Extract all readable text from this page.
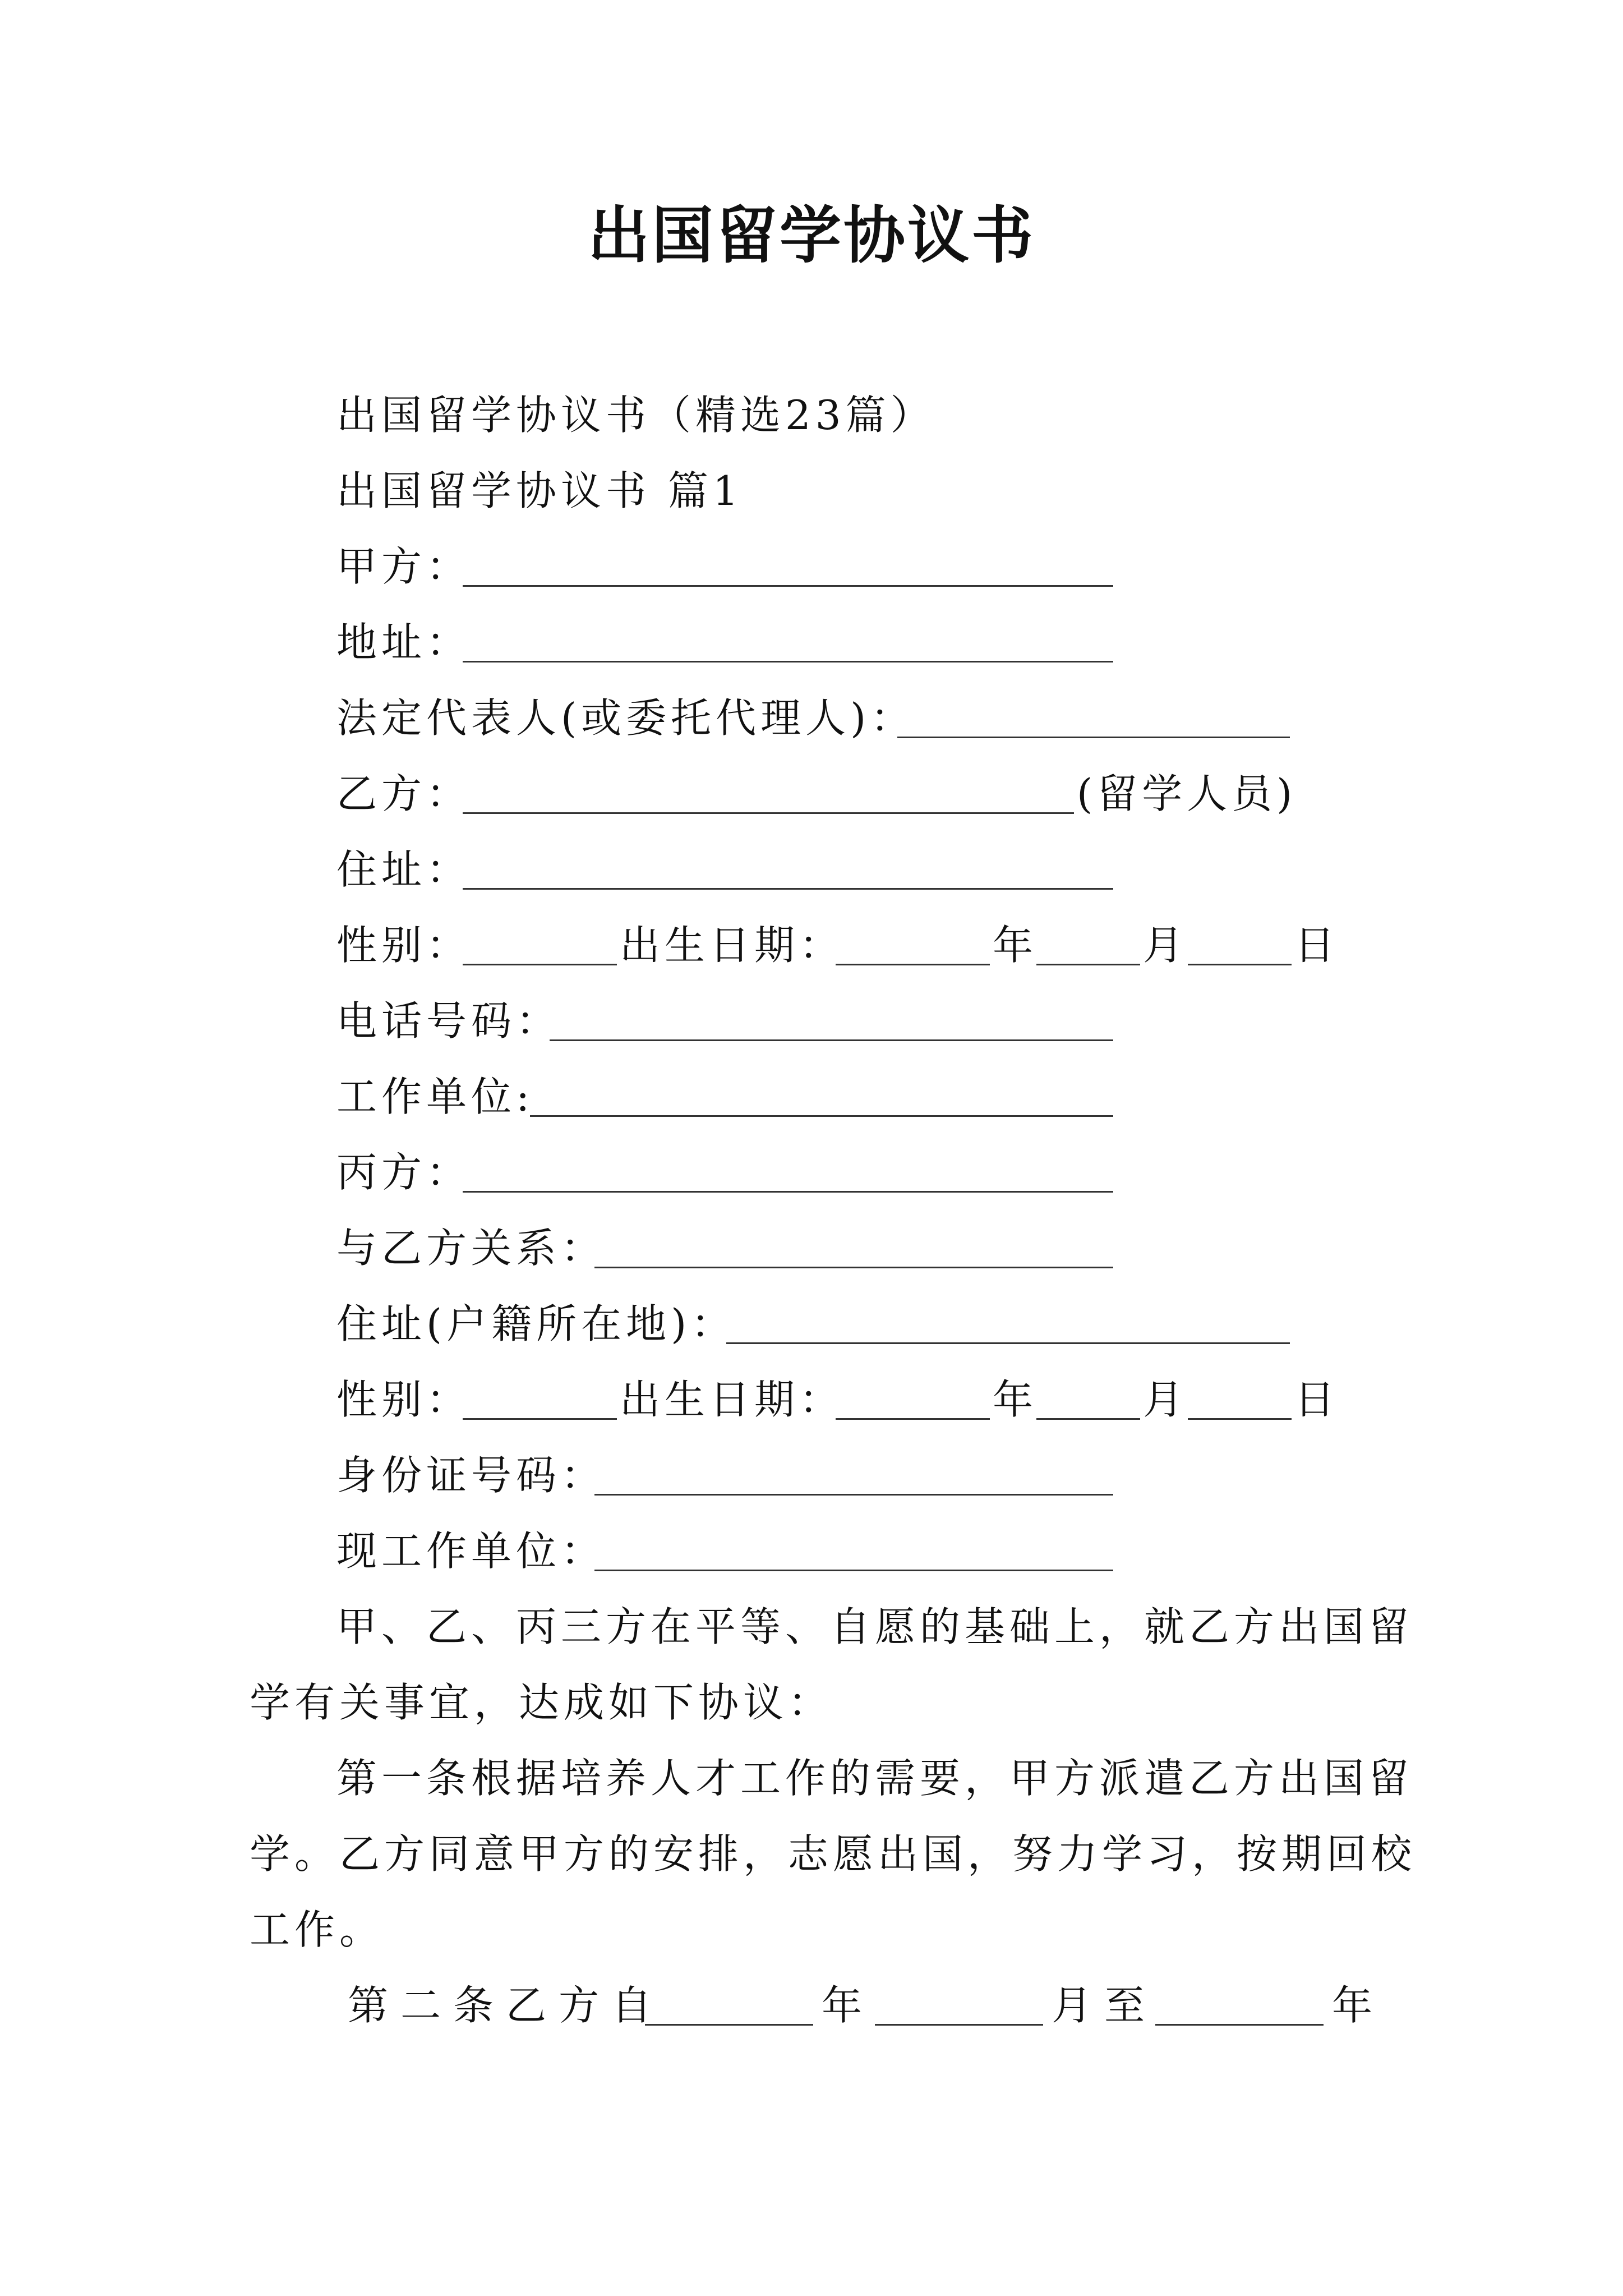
出国留学协议书
出国留学协议书（精选23篇）
出国留学协议书 篇1
甲方：
地址：
法定代表人(或委托代理人)：
乙方：	(留学人员)
住址：
性别：	出生日期：	年	月	日
电话号码：
工作单位:
丙方：
与乙方关系：
住址(户籍所在地)：
性别：	出生日期：	年	月	日
身份证号码：
现工作单位：
甲、乙、丙三方在平等、自愿的基础上，就乙方出国留
学有关事宜，达成如下协议：
第一条根据培养人才工作的需要，甲方派遣乙方出国留
学。乙方同意甲方的安排，志愿出国，努力学习，按期回校
工作。
第二条乙方自	年	月至	年
